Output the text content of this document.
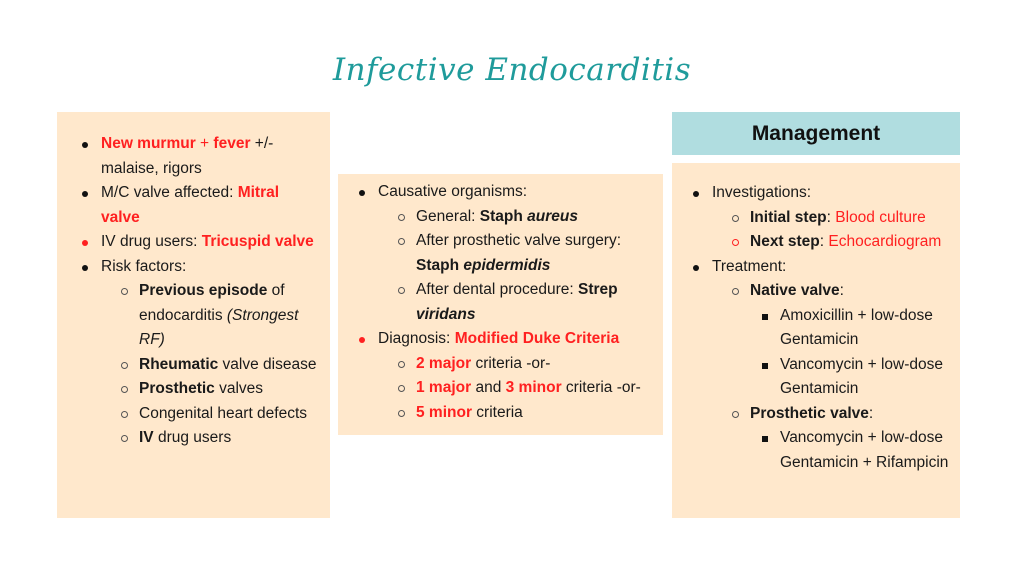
Infective Endocarditis
New murmur + fever +/- malaise, rigors
M/C valve affected: Mitral valve
IV drug users: Tricuspid valve
Risk factors:
Previous episode of endocarditis (Strongest RF)
Rheumatic valve disease
Prosthetic valves
Congenital heart defects
IV drug users
Causative organisms:
General: Staph aureus
After prosthetic valve surgery: Staph epidermidis
After dental procedure: Strep viridans
Diagnosis: Modified Duke Criteria
2 major criteria -or-
1 major and 3 minor criteria -or-
5 minor criteria
Management
Investigations:
Initial step: Blood culture
Next step: Echocardiogram
Treatment:
Native valve:
Amoxicillin + low-dose Gentamicin
Vancomycin + low-dose Gentamicin
Prosthetic valve:
Vancomycin + low-dose Gentamicin + Rifampicin
